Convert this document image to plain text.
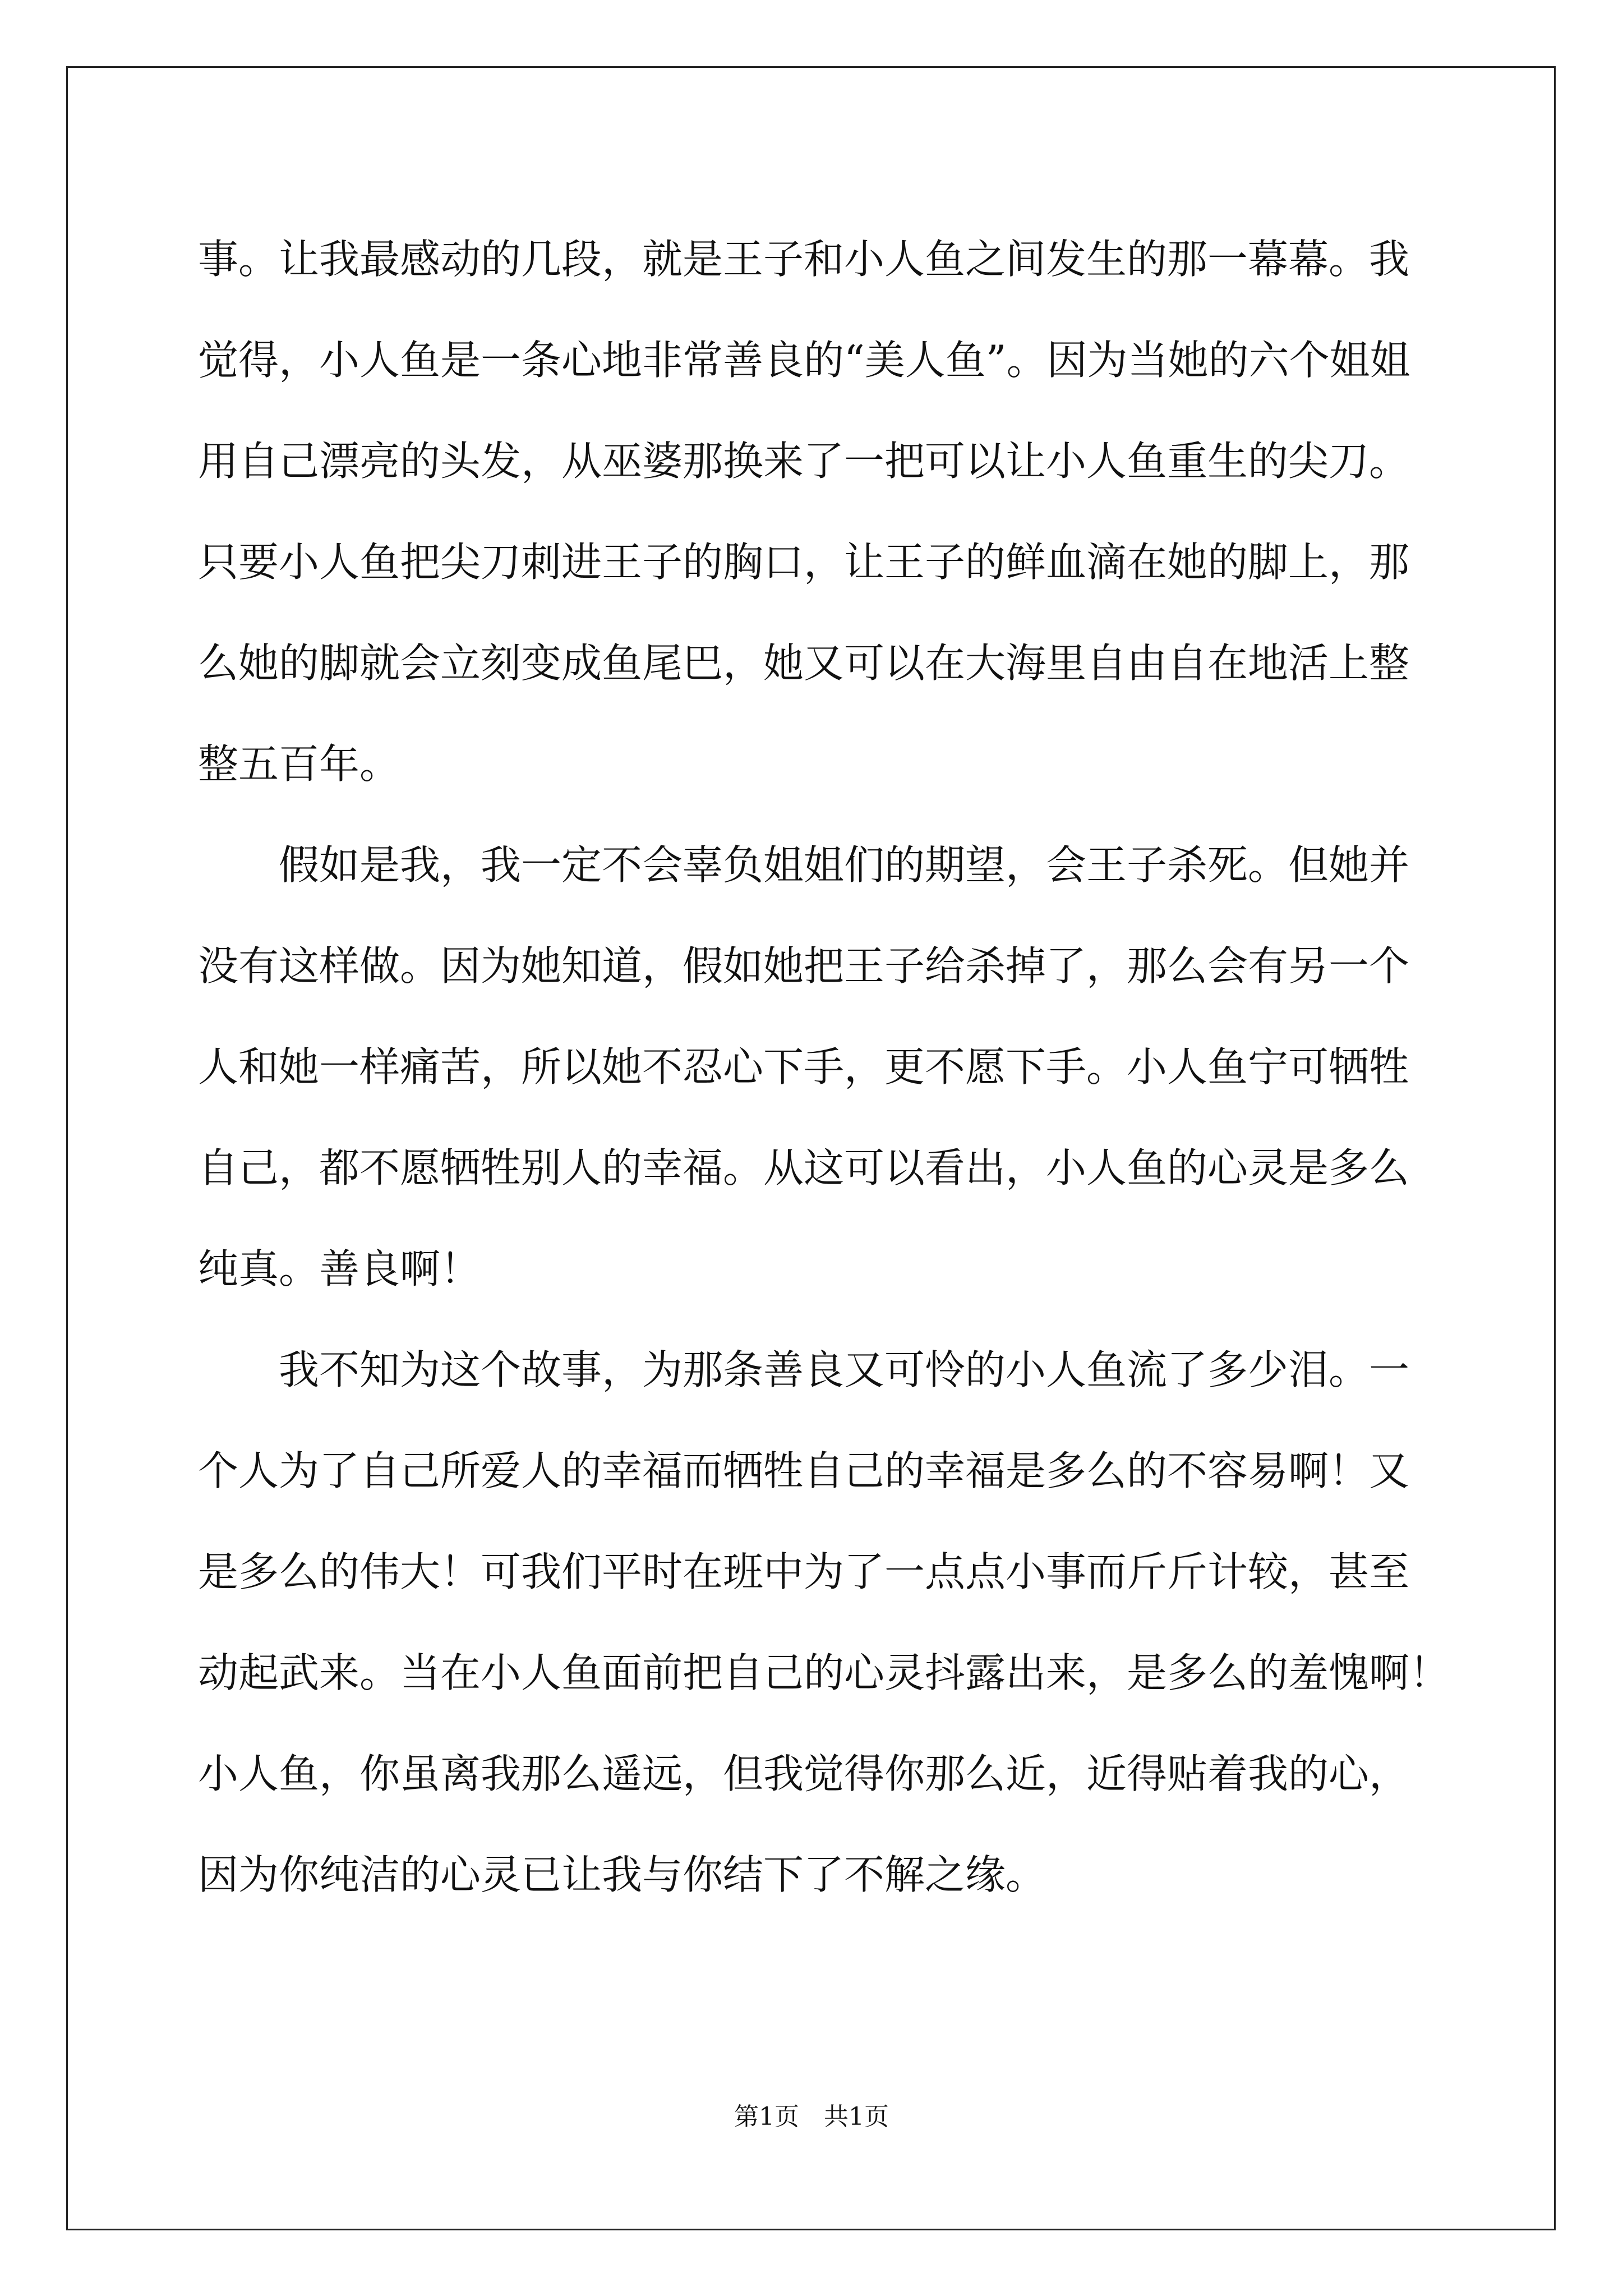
事。让我最感动的几段，就是王子和小人鱼之间发生的那一幕幕。我
觉得，小人鱼是一条心地非常善良的“美人鱼”。因为当她的六个姐姐
用自己漂亮的头发，从巫婆那换来了一把可以让小人鱼重生的尖刀。
只要小人鱼把尖刀刺进王子的胸口，让王子的鲜血滴在她的脚上，那
么她的脚就会立刻变成鱼尾巴，她又可以在大海里自由自在地活上整
整五百年。
　　假如是我，我一定不会辜负姐姐们的期望，会王子杀死。但她并
没有这样做。因为她知道，假如她把王子给杀掉了，那么会有另一个
人和她一样痛苦，所以她不忍心下手，更不愿下手。小人鱼宁可牺牲
自己，都不愿牺牲别人的幸福。从这可以看出，小人鱼的心灵是多么
纯真。善良啊！
　　我不知为这个故事，为那条善良又可怜的小人鱼流了多少泪。一
个人为了自己所爱人的幸福而牺牲自己的幸福是多么的不容易啊！又
是多么的伟大！可我们平时在班中为了一点点小事而斤斤计较，甚至
动起武来。当在小人鱼面前把自己的心灵抖露出来，是多么的羞愧啊！
小人鱼，你虽离我那么遥远，但我觉得你那么近，近得贴着我的心，
因为你纯洁的心灵已让我与你结下了不解之缘。
第1页　共1页
